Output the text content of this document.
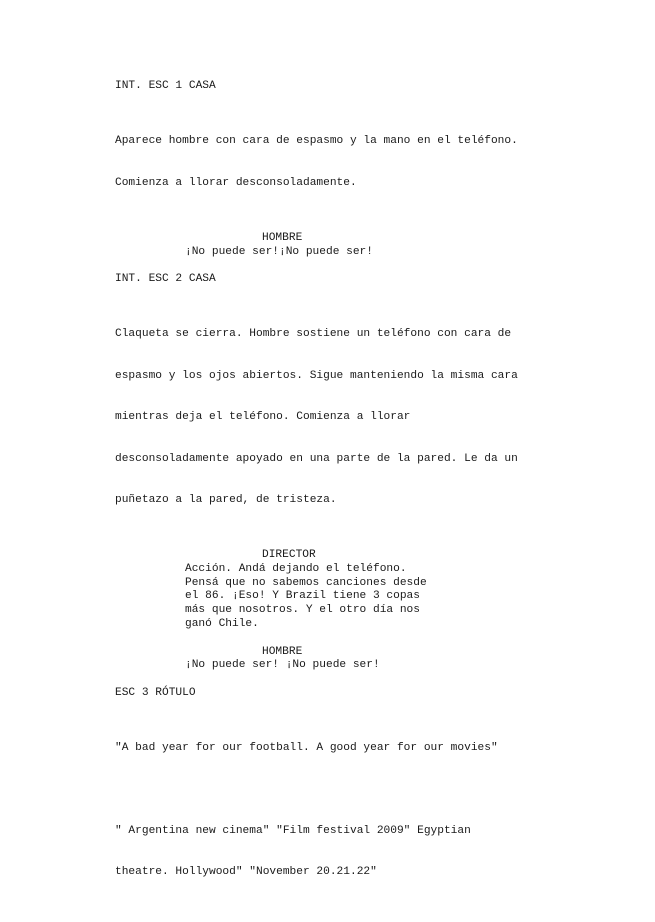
INT. ESC 1 CASA

Aparece hombre con cara de espasmo y la mano en el teléfono.

Comienza a llorar desconsoladamente.

HOMBRE
¡No puede ser!¡No puede ser!
INT. ESC 2 CASA

Claqueta se cierra. Hombre sostiene un teléfono con cara de

espasmo y los ojos abiertos. Sigue manteniendo la misma cara

mientras deja el teléfono. Comienza a llorar

desconsoladamente apoyado en una parte de la pared. Le da un

puñetazo a la pared, de tristeza.

DIRECTOR
Acción. Andá dejando el teléfono.
Pensá que no sabemos canciones desde
el 86. ¡Eso! Y Brazil tiene 3 copas
más que nosotros. Y el otro día nos
ganó Chile.
HOMBRE
¡No puede ser! ¡No puede ser!
ESC 3 RÓTULO

"A bad year for our football. A good year for our movies"

" Argentina new cinema" "Film festival 2009" Egyptian

theatre. Hollywood" "November 20.21.22"
